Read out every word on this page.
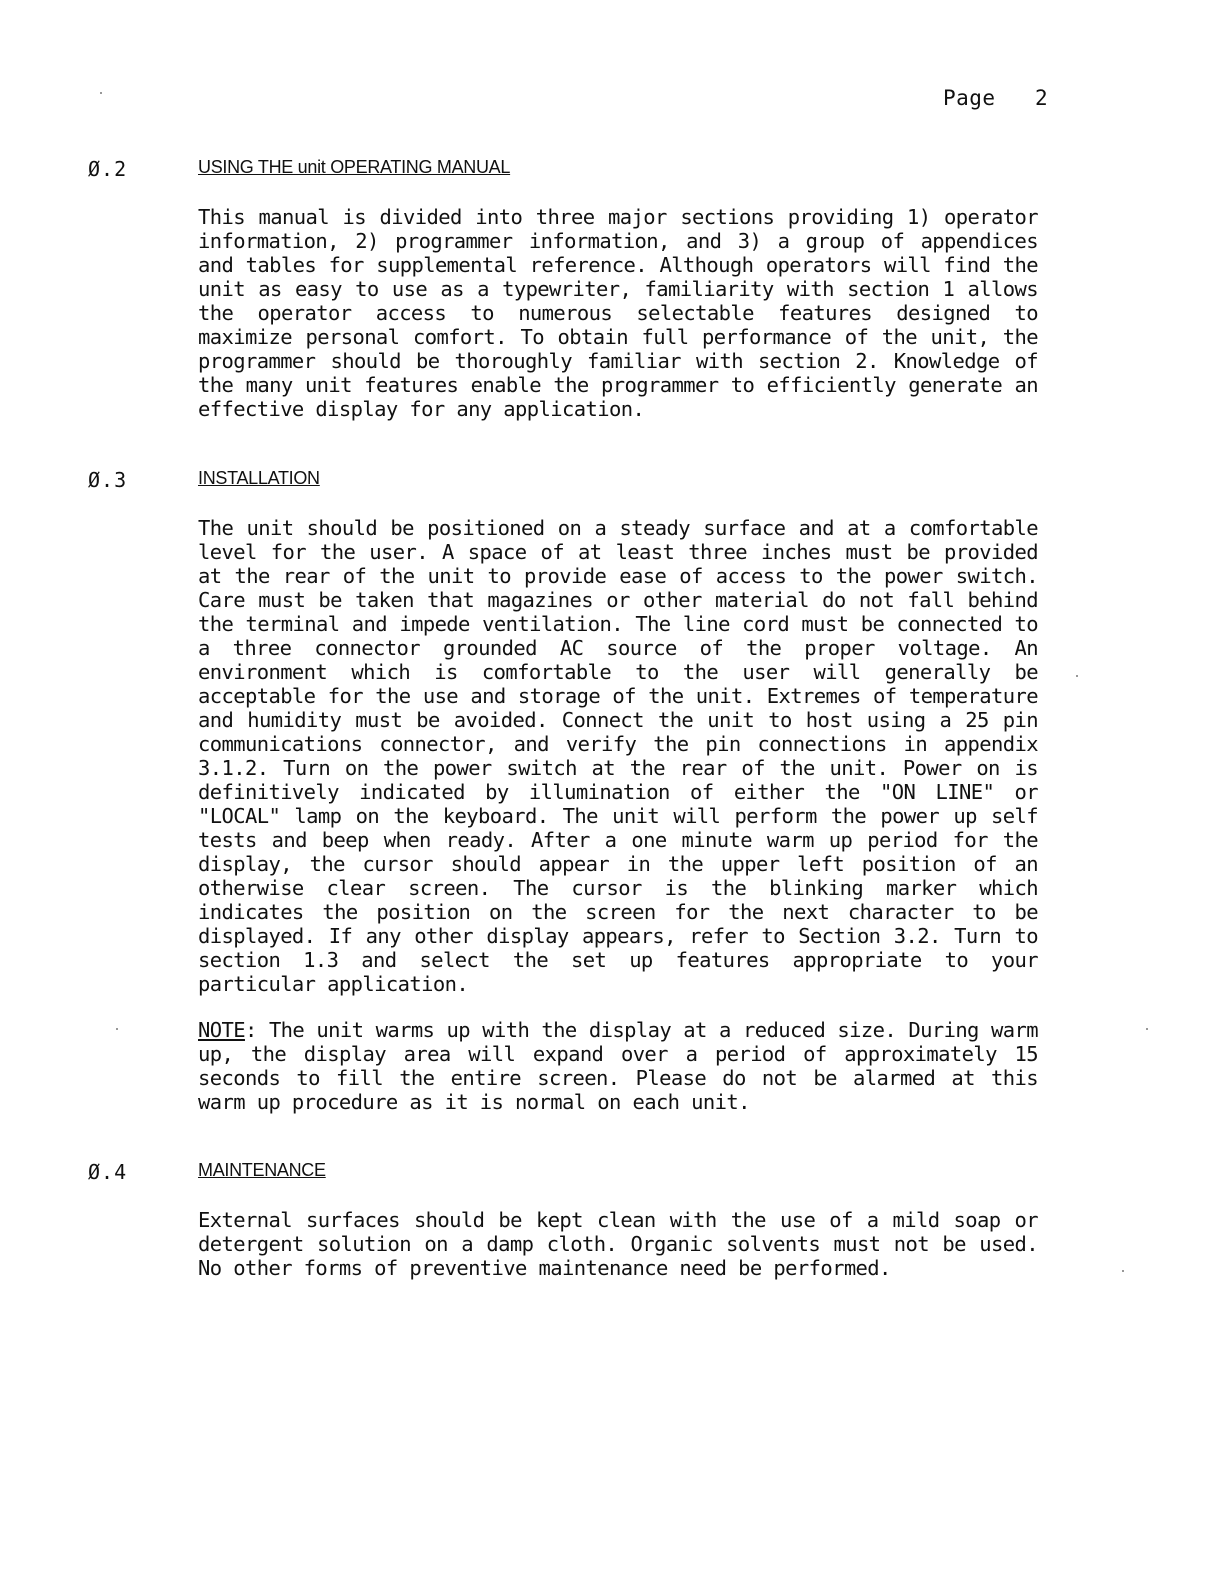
Page 2
Ø.2	USING THE unit OPERATING MANUAL

This manual is divided into three major sections providing 1) operator information, 2) programmer information, and 3) a group of appendices and tables for supplemental reference. Although operators will find the unit as easy to use as a typewriter, familiarity with section 1 allows the operator access to numerous selectable features designed to maximize personal comfort. To obtain full performance of the unit, the programmer should be thoroughly familiar with section 2. Knowledge of the many unit features enable the programmer to efficiently generate an effective display for any application.

Ø.3	INSTALLATION

The unit should be positioned on a steady surface and at a comfortable level for the user. A space of at least three inches must be provided at the rear of the unit to provide ease of access to the power switch. Care must be taken that magazines or other material do not fall behind the terminal and impede ventilation. The line cord must be connected to a three connector grounded AC source of the proper voltage. An environment which is comfortable to the user will generally be acceptable for the use and storage of the unit. Extremes of temperature and humidity must be avoided. Connect the unit to host using a 25 pin communications connector, and verify the pin connections in appendix 3.1.2. Turn on the power switch at the rear of the unit. Power on is definitively indicated by illumination of either the "ON LINE" or "LOCAL" lamp on the keyboard. The unit will perform the power up self tests and beep when ready. After a one minute warm up period for the display, the cursor should appear in the upper left position of an otherwise clear screen. The cursor is the blinking marker which indicates the position on the screen for the next character to be displayed. If any other display appears, refer to Section 3.2. Turn to section 1.3 and select the set up features appropriate to your particular application.

NOTE: The unit warms up with the display at a reduced size. During warm up, the display area will expand over a period of approximately 15 seconds to fill the entire screen. Please do not be alarmed at this warm up procedure as it is normal on each unit.

Ø.4	MAINTENANCE

External surfaces should be kept clean with the use of a mild soap or detergent solution on a damp cloth. Organic solvents must not be used. No other forms of preventive maintenance need be performed.
